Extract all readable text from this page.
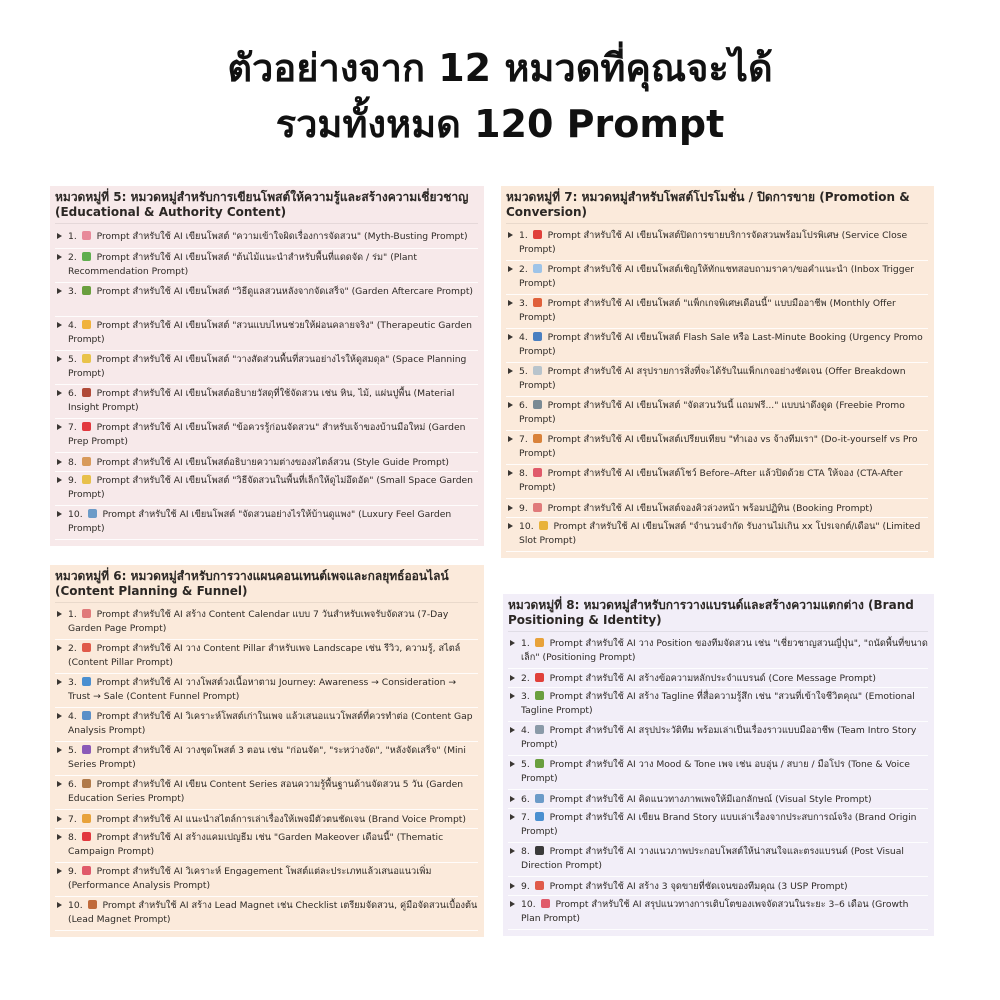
ตัวอย่างจาก 12 หมวดที่คุณจะได้
รวมทั้งหมด 120 Prompt
หมวดหมู่ที่ 5: หมวดหมู่สำหรับการเขียนโพสต์ให้ความรู้และสร้างความเชี่ยวชาญ (Educational & Authority Content)
1.  Prompt สำหรับใช้ AI เขียนโพสต์ "ความเข้าใจผิดเรื่องการจัดสวน" (Myth-Busting Prompt)
2.  Prompt สำหรับใช้ AI เขียนโพสต์ "ต้นไม้แนะนำสำหรับพื้นที่แดดจัด / ร่ม" (Plant Recommendation Prompt)
3.  Prompt สำหรับใช้ AI เขียนโพสต์ "วิธีดูแลสวนหลังจากจัดเสร็จ" (Garden Aftercare Prompt)
4.  Prompt สำหรับใช้ AI เขียนโพสต์ "สวนแบบไหนช่วยให้ผ่อนคลายจริง" (Therapeutic Garden Prompt)
5.  Prompt สำหรับใช้ AI เขียนโพสต์ "วางสัดส่วนพื้นที่สวนอย่างไรให้ดูสมดุล" (Space Planning Prompt)
6.  Prompt สำหรับใช้ AI เขียนโพสต์อธิบายวัสดุที่ใช้จัดสวน เช่น หิน, ไม้, แผ่นปูพื้น (Material Insight Prompt)
7.  Prompt สำหรับใช้ AI เขียนโพสต์ "ข้อควรรู้ก่อนจัดสวน" สำหรับเจ้าของบ้านมือใหม่ (Garden Prep Prompt)
8.  Prompt สำหรับใช้ AI เขียนโพสต์อธิบายความต่างของสไตล์สวน (Style Guide Prompt)
9.  Prompt สำหรับใช้ AI เขียนโพสต์ "วิธีจัดสวนในพื้นที่เล็กให้ดูไม่อึดอัด" (Small Space Garden Prompt)
10.  Prompt สำหรับใช้ AI เขียนโพสต์ "จัดสวนอย่างไรให้บ้านดูแพง" (Luxury Feel Garden Prompt)
หมวดหมู่ที่ 7: หมวดหมู่สำหรับโพสต์โปรโมชั่น / ปิดการขาย (Promotion & Conversion)
1.  Prompt สำหรับใช้ AI เขียนโพสต์ปิดการขายบริการจัดสวนพร้อมโปรพิเศษ (Service Close Prompt)
2.  Prompt สำหรับใช้ AI เขียนโพสต์เชิญให้ทักแชทสอบถามราคา/ขอคำแนะนำ (Inbox Trigger Prompt)
3.  Prompt สำหรับใช้ AI เขียนโพสต์ "แพ็กเกจพิเศษเดือนนี้" แบบมืออาชีพ (Monthly Offer Prompt)
4.  Prompt สำหรับใช้ AI เขียนโพสต์ Flash Sale หรือ Last-Minute Booking (Urgency Promo Prompt)
5.  Prompt สำหรับใช้ AI สรุปรายการสิ่งที่จะได้รับในแพ็กเกจอย่างชัดเจน (Offer Breakdown Prompt)
6.  Prompt สำหรับใช้ AI เขียนโพสต์ "จัดสวนวันนี้ แถมฟรี..." แบบน่าดึงดูด (Freebie Promo Prompt)
7.  Prompt สำหรับใช้ AI เขียนโพสต์เปรียบเทียบ "ทำเอง vs จ้างทีมเรา" (Do-it-yourself vs Pro Prompt)
8.  Prompt สำหรับใช้ AI เขียนโพสต์โชว์ Before–After แล้วปิดด้วย CTA ให้จอง (CTA-After Prompt)
9.  Prompt สำหรับใช้ AI เขียนโพสต์จองคิวล่วงหน้า พร้อมปฏิทิน (Booking Prompt)
10.  Prompt สำหรับใช้ AI เขียนโพสต์ "จำนวนจำกัด รับงานไม่เกิน xx โปรเจกต์/เดือน" (Limited Slot Prompt)
หมวดหมู่ที่ 6: หมวดหมู่สำหรับการวางแผนคอนเทนต์เพจและกลยุทธ์ออนไลน์ (Content Planning & Funnel)
1.  Prompt สำหรับใช้ AI สร้าง Content Calendar แบบ 7 วันสำหรับเพจรับจัดสวน (7-Day Garden Page Prompt)
2.  Prompt สำหรับใช้ AI วาง Content Pillar สำหรับเพจ Landscape เช่น รีวิว, ความรู้, สไตล์ (Content Pillar Prompt)
3.  Prompt สำหรับใช้ AI วางโพสต์วงเนื้อหาตาม Journey: Awareness → Consideration → Trust → Sale (Content Funnel Prompt)
4.  Prompt สำหรับใช้ AI วิเคราะห์โพสต์เก่าในเพจ แล้วเสนอแนวโพสต์ที่ควรทำต่อ (Content Gap Analysis Prompt)
5.  Prompt สำหรับใช้ AI วางชุดโพสต์ 3 ตอน เช่น "ก่อนจัด", "ระหว่างจัด", "หลังจัดเสร็จ" (Mini Series Prompt)
6.  Prompt สำหรับใช้ AI เขียน Content Series สอนความรู้พื้นฐานด้านจัดสวน 5 วัน (Garden Education Series Prompt)
7.  Prompt สำหรับใช้ AI แนะนำสไตล์การเล่าเรื่องให้เพจมีตัวตนชัดเจน (Brand Voice Prompt)
8.  Prompt สำหรับใช้ AI สร้างแคมเปญธีม เช่น "Garden Makeover เดือนนี้" (Thematic Campaign Prompt)
9.  Prompt สำหรับใช้ AI วิเคราะห์ Engagement โพสต์แต่ละประเภทแล้วเสนอแนวเพิ่ม (Performance Analysis Prompt)
10.  Prompt สำหรับใช้ AI สร้าง Lead Magnet เช่น Checklist เตรียมจัดสวน, คู่มือจัดสวนเบื้องต้น (Lead Magnet Prompt)
หมวดหมู่ที่ 8: หมวดหมู่สำหรับการวางแบรนด์และสร้างความแตกต่าง (Brand Positioning & Identity)
1.  Prompt สำหรับใช้ AI วาง Position ของทีมจัดสวน เช่น "เชี่ยวชาญสวนญี่ปุ่น", "ถนัดพื้นที่ขนาดเล็ก" (Positioning Prompt)
2.  Prompt สำหรับใช้ AI สร้างข้อความหลักประจำแบรนด์ (Core Message Prompt)
3.  Prompt สำหรับใช้ AI สร้าง Tagline ที่สื่อความรู้สึก เช่น "สวนที่เข้าใจชีวิตคุณ" (Emotional Tagline Prompt)
4.  Prompt สำหรับใช้ AI สรุปประวัติทีม พร้อมเล่าเป็นเรื่องราวแบบมืออาชีพ (Team Intro Story Prompt)
5.  Prompt สำหรับใช้ AI วาง Mood & Tone เพจ เช่น อบอุ่น / สบาย / มือโปร (Tone & Voice Prompt)
6.  Prompt สำหรับใช้ AI คิดแนวทางภาพเพจให้มีเอกลักษณ์ (Visual Style Prompt)
7.  Prompt สำหรับใช้ AI เขียน Brand Story แบบเล่าเรื่องจากประสบการณ์จริง (Brand Origin Prompt)
8.  Prompt สำหรับใช้ AI วางแนวภาพประกอบโพสต์ให้น่าสนใจและตรงแบรนด์ (Post Visual Direction Prompt)
9.  Prompt สำหรับใช้ AI สร้าง 3 จุดขายที่ชัดเจนของทีมคุณ (3 USP Prompt)
10.  Prompt สำหรับใช้ AI สรุปแนวทางการเติบโตของเพจจัดสวนในระยะ 3–6 เดือน (Growth Plan Prompt)
